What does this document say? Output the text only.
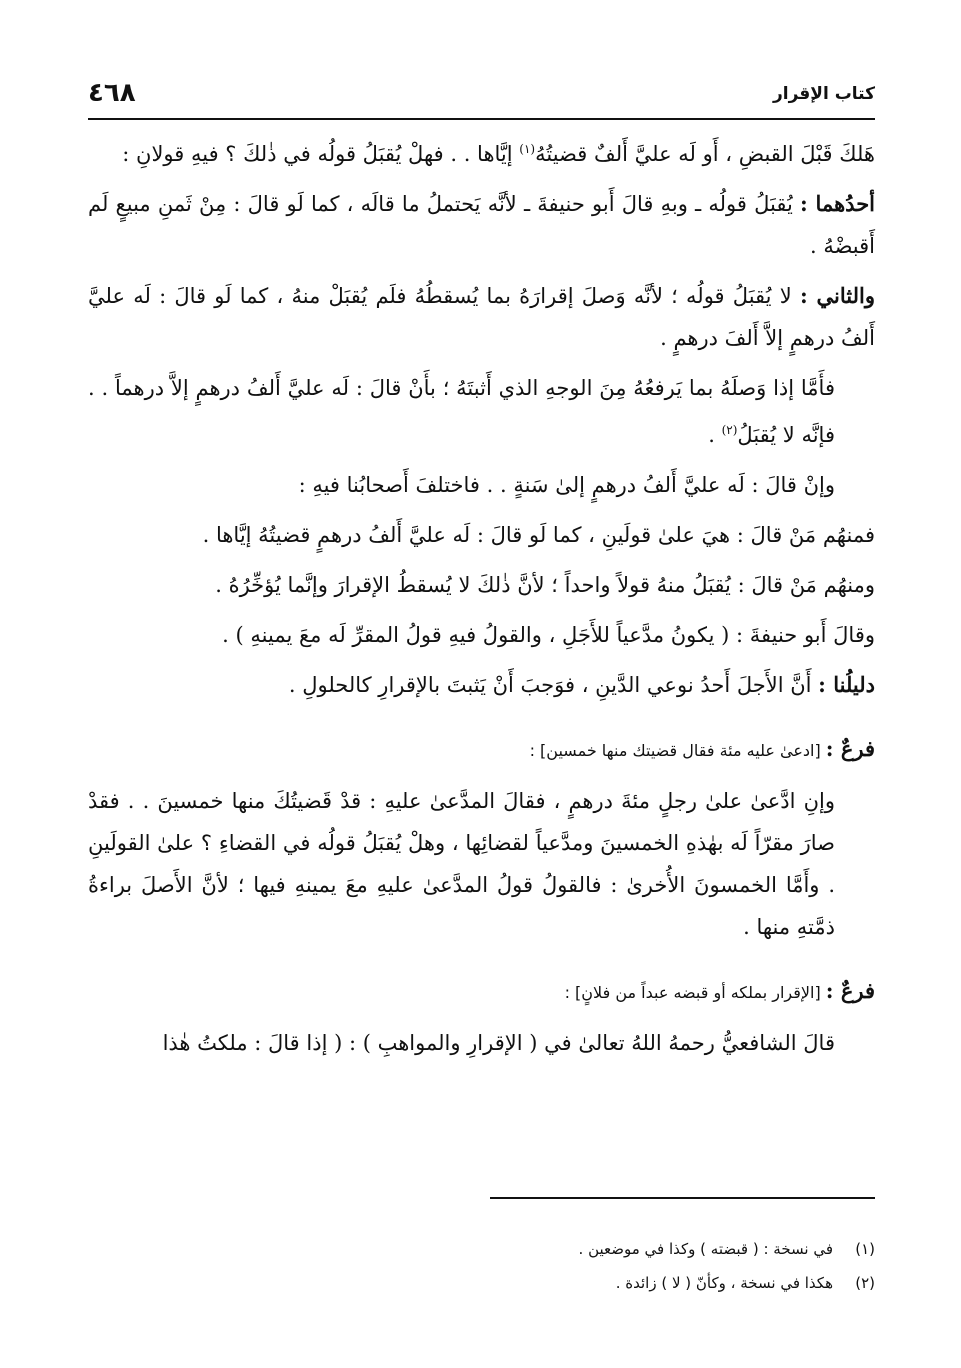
كتاب الإقرار
٤٦٨

هَلكَ قَبْلَ القبضِ ، أَو لَه عليَّ أَلفٌ قضيتُهُ$^{(١)}$ إيَّاها . . فهلْ يُقبَلُ قولُه في ذٰلكَ ؟ فيهِ قولانِ :

أحدُهما : يُقبَلُ قولُه ـ وبهِ قالَ أَبو حنيفةَ ـ لأنَّه يَحتملُ ما قالَه ، كما لَو قالَ : مِنْ ثَمنِ مبيعٍ لَم أَقبضْهُ .

والثاني : لا يُقبَلُ قولُه ؛ لأنَّه وَصلَ إقرارَهُ بما يُسقطُهُ فلَم يُقبَلْ منهُ ، كما لَو قالَ : لَه عليَّ أَلفُ درهمٍ إلاَّ أَلفَ درهمٍ .

فأَمَّا إذا وَصلَهُ بما يَرفعُهُ مِنَ الوجهِ الذي أَثبتَهُ ؛ بأَنْ قالَ : لَه عليَّ أَلفُ درهمٍ إلاَّ درهماً . . فإنَّه لا يُقبَلُ$^{(٢)}$ .

وإنْ قالَ : لَه عليَّ أَلفُ درهمٍ إلىٰ سَنةٍ . . فاختلفَ أَصحابُنا فيهِ :

فمنهُم مَنْ قالَ : هيَ علىٰ قولَينِ ، كما لَو قالَ : لَه عليَّ أَلفُ درهمٍ قضيتُهُ إيَّاها .

ومنهُم مَنْ قالَ : يُقبَلُ منهُ قولاً واحداً ؛ لأنَّ ذٰلكَ لا يُسقطُ الإقرارَ وإنَّما يُؤخِّرُهُ .

وقالَ أَبو حنيفةَ : ( يكونُ مدَّعياً للأَجَلِ ، والقولُ فيهِ قولُ المقرِّ لَه معَ يمينهِ ) .

دليلُنا : أَنَّ الأَجلَ أَحدُ نوعي الدَّينِ ، فوَجبَ أَنْ يَثبتَ بالإقرارِ كالحلولِ .

فرعٌ : [ادعىٰ عليه مئة فقال قضيتك منها خمسين] :

وإنِ ادَّعىٰ علىٰ رجلٍ مئةَ درهمٍ ، فقالَ المدَّعىٰ عليهِ : قدْ قَضيتُكَ منها خمسينَ . . فقدْ صارَ مقرّاً لَه بهٰذهِ الخمسينَ ومدَّعياً لقضائِها ، وهلْ يُقبَلُ قولُه في القضاءِ ؟ علىٰ القولَينِ . وأَمَّا الخمسونَ الأُخرىٰ : فالقولُ قولُ المدَّعىٰ عليهِ معَ يمينهِ فيها ؛ لأنَّ الأَصلَ براءةُ ذمَّتهِ منها .

فرعٌ : [الإقرار بملكه أو قبضه عبداً من فلانٍ] :

قالَ الشافعيُّ رحمهُ اللهُ تعالىٰ في ( الإقرارِ والمواهبِ ) : ( إذا قالَ : ملكتُ هٰذا

(١)
في نسخة : ( قبضته ) وكذا في موضعين .
(٢)
هكذا في نسخة ، وكأنّ ( لا ) زائدة .
